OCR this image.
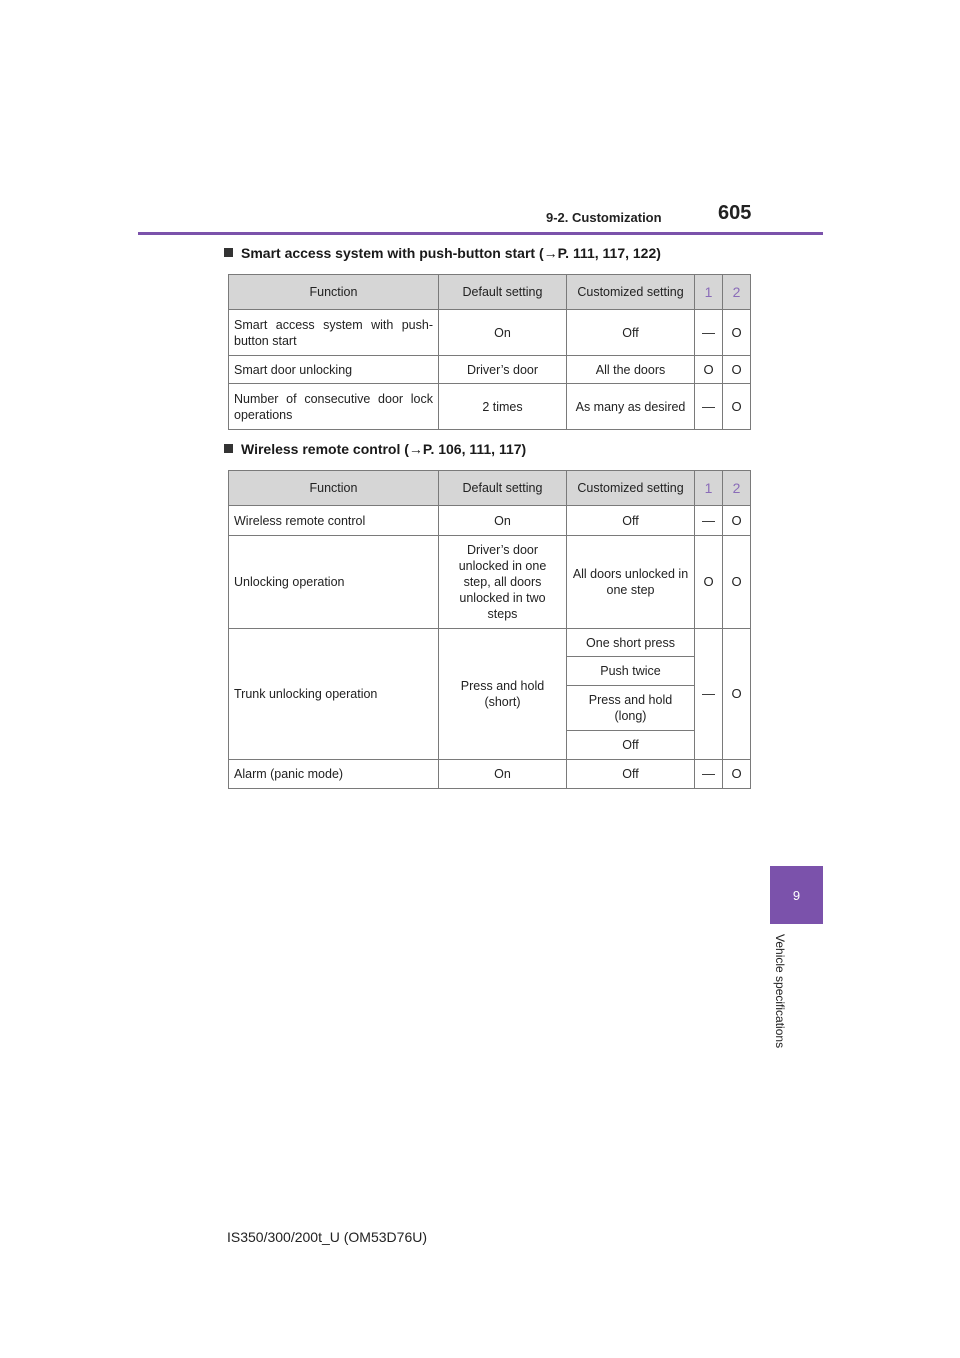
9-2. Customization	605
9
Vehicle specifications
Smart access system with push-button start (→P. 111, 117, 122)
Function	Default setting	Customized setting	1	2
Smart access system with push-button start	On	Off	—	O
Smart door unlocking	Driver’s door	All the doors	O	O
Number of consecutive door lock operations	2 times	As many as desired	—	O
Wireless remote control (→P. 106, 111, 117)
Function	Default setting	Customized setting	1	2
Wireless remote control	On	Off	—	O
Unlocking operation	Driver’s door unlocked in one step, all doors unlocked in two steps	All doors unlocked in one step	O	O
Trunk unlocking operation	Press and hold (short)	One short press	—	O
		Push twice		
		Press and hold (long)		
		Off		
Alarm (panic mode)	On	Off	—	O
IS350/300/200t_U (OM53D76U)
